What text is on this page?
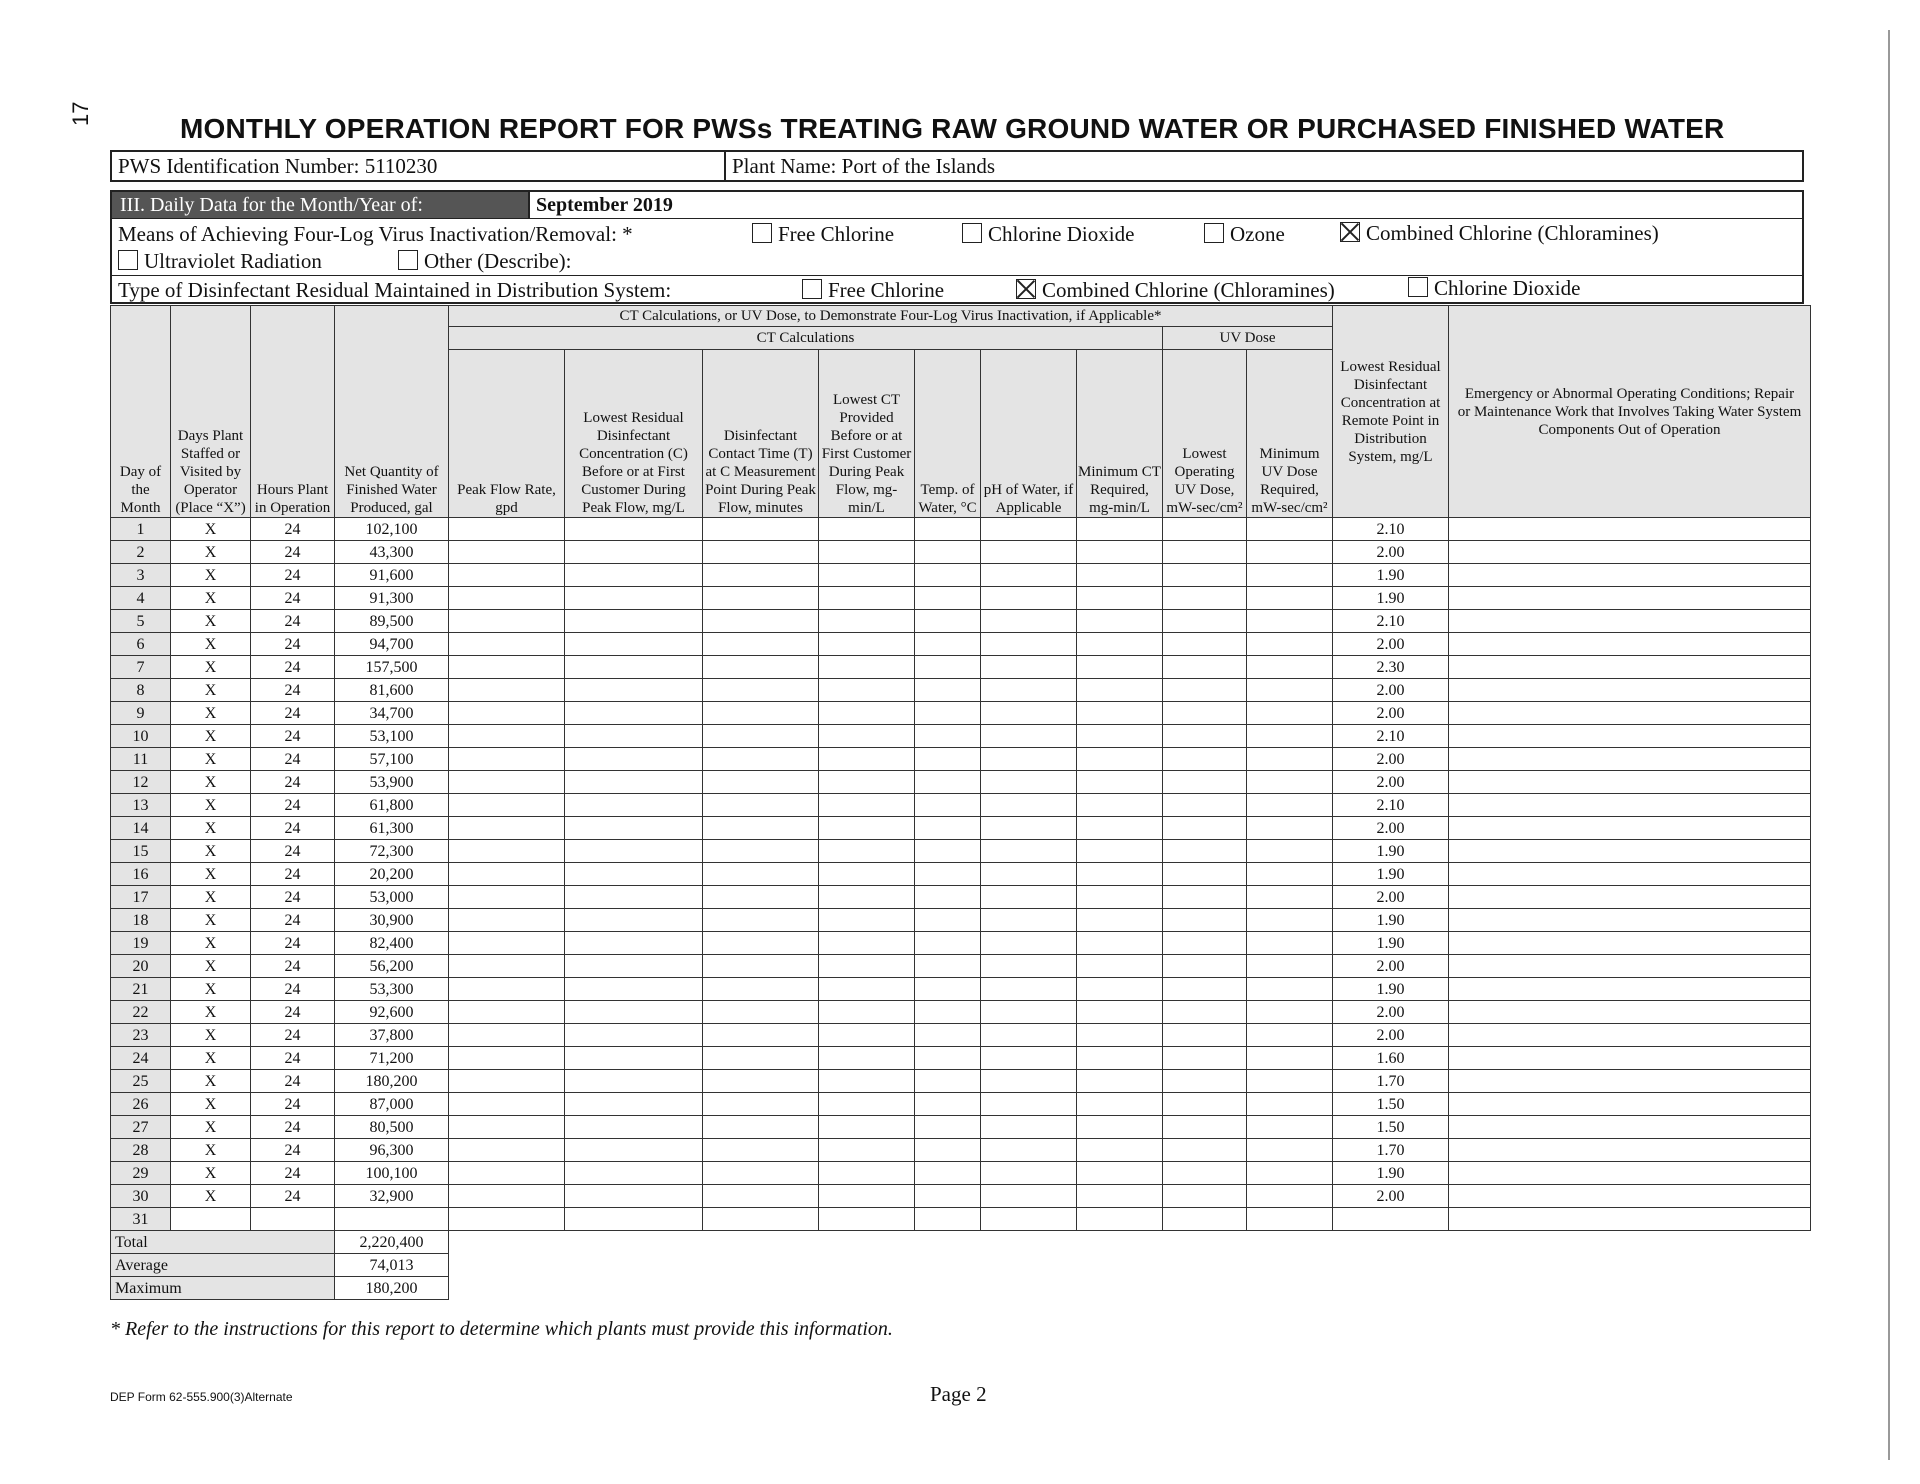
17	MONTHLY OPERATION REPORT FOR PWSs TREATING RAW GROUND WATER OR PURCHASED FINISHED WATER
PWS Identification Number: 5110230	Plant Name: Port of the Islands
III. Daily Data for the Month/Year of:	September 2019
Means of Achieving Four-Log Virus Inactivation/Removal: *	Free Chlorine	Chlorine Dioxide	Ozone	Combined Chlorine (Chloramines)
Ultraviolet Radiation	Other (Describe):
Type of Disinfectant Residual Maintained in Distribution System:	Free Chlorine	Combined Chlorine (Chloramines)	Chlorine Dioxide
Day of the Month	Days Plant Staffed or Visited by Operator (Place “X”)	Hours Plant in Operation	Net Quantity of Finished Water Produced, gal	CT Calculations, or UV Dose, to Demonstrate Four-Log Virus Inactivation, if Applicable*									Lowest Residual Disinfectant Concentration at Remote Point in Distribution System, mg/L	Emergency or Abnormal Operating Conditions; Repair or Maintenance Work that Involves Taking Water System Components Out of Operation
				CT Calculations							UV Dose			
				Peak Flow Rate, gpd	Lowest Residual Disinfectant Concentration (C) Before or at First Customer During Peak Flow, mg/L	Disinfectant Contact Time (T) at C Measurement Point During Peak Flow, minutes	Lowest CT Provided Before or at First Customer During Peak Flow, mg-min/L	Temp. of Water, °C	pH of Water, if Applicable	Minimum CT Required, mg-min/L	Lowest Operating UV Dose, mW-sec/cm²	Minimum UV Dose Required, mW-sec/cm²		
1	X	24	102,100										2.10	
2	X	24	43,300										2.00	
3	X	24	91,600										1.90	
4	X	24	91,300										1.90	
5	X	24	89,500										2.10	
6	X	24	94,700										2.00	
7	X	24	157,500										2.30	
8	X	24	81,600										2.00	
9	X	24	34,700										2.00	
10	X	24	53,100										2.10	
11	X	24	57,100										2.00	
12	X	24	53,900										2.00	
13	X	24	61,800										2.10	
14	X	24	61,300										2.00	
15	X	24	72,300										1.90	
16	X	24	20,200										1.90	
17	X	24	53,000										2.00	
18	X	24	30,900										1.90	
19	X	24	82,400										1.90	
20	X	24	56,200										2.00	
21	X	24	53,300										1.90	
22	X	24	92,600										2.00	
23	X	24	37,800										2.00	
24	X	24	71,200										1.60	
25	X	24	180,200										1.70	
26	X	24	87,000										1.50	
27	X	24	80,500										1.50	
28	X	24	96,300										1.70	
29	X	24	100,100										1.90	
30	X	24	32,900										2.00	
31														
Total			2,220,400											
Average			74,013											
Maximum			180,200											
* Refer to the instructions for this report to determine which plants must provide this information.
DEP Form 62-555.900(3)Alternate	Page 2
